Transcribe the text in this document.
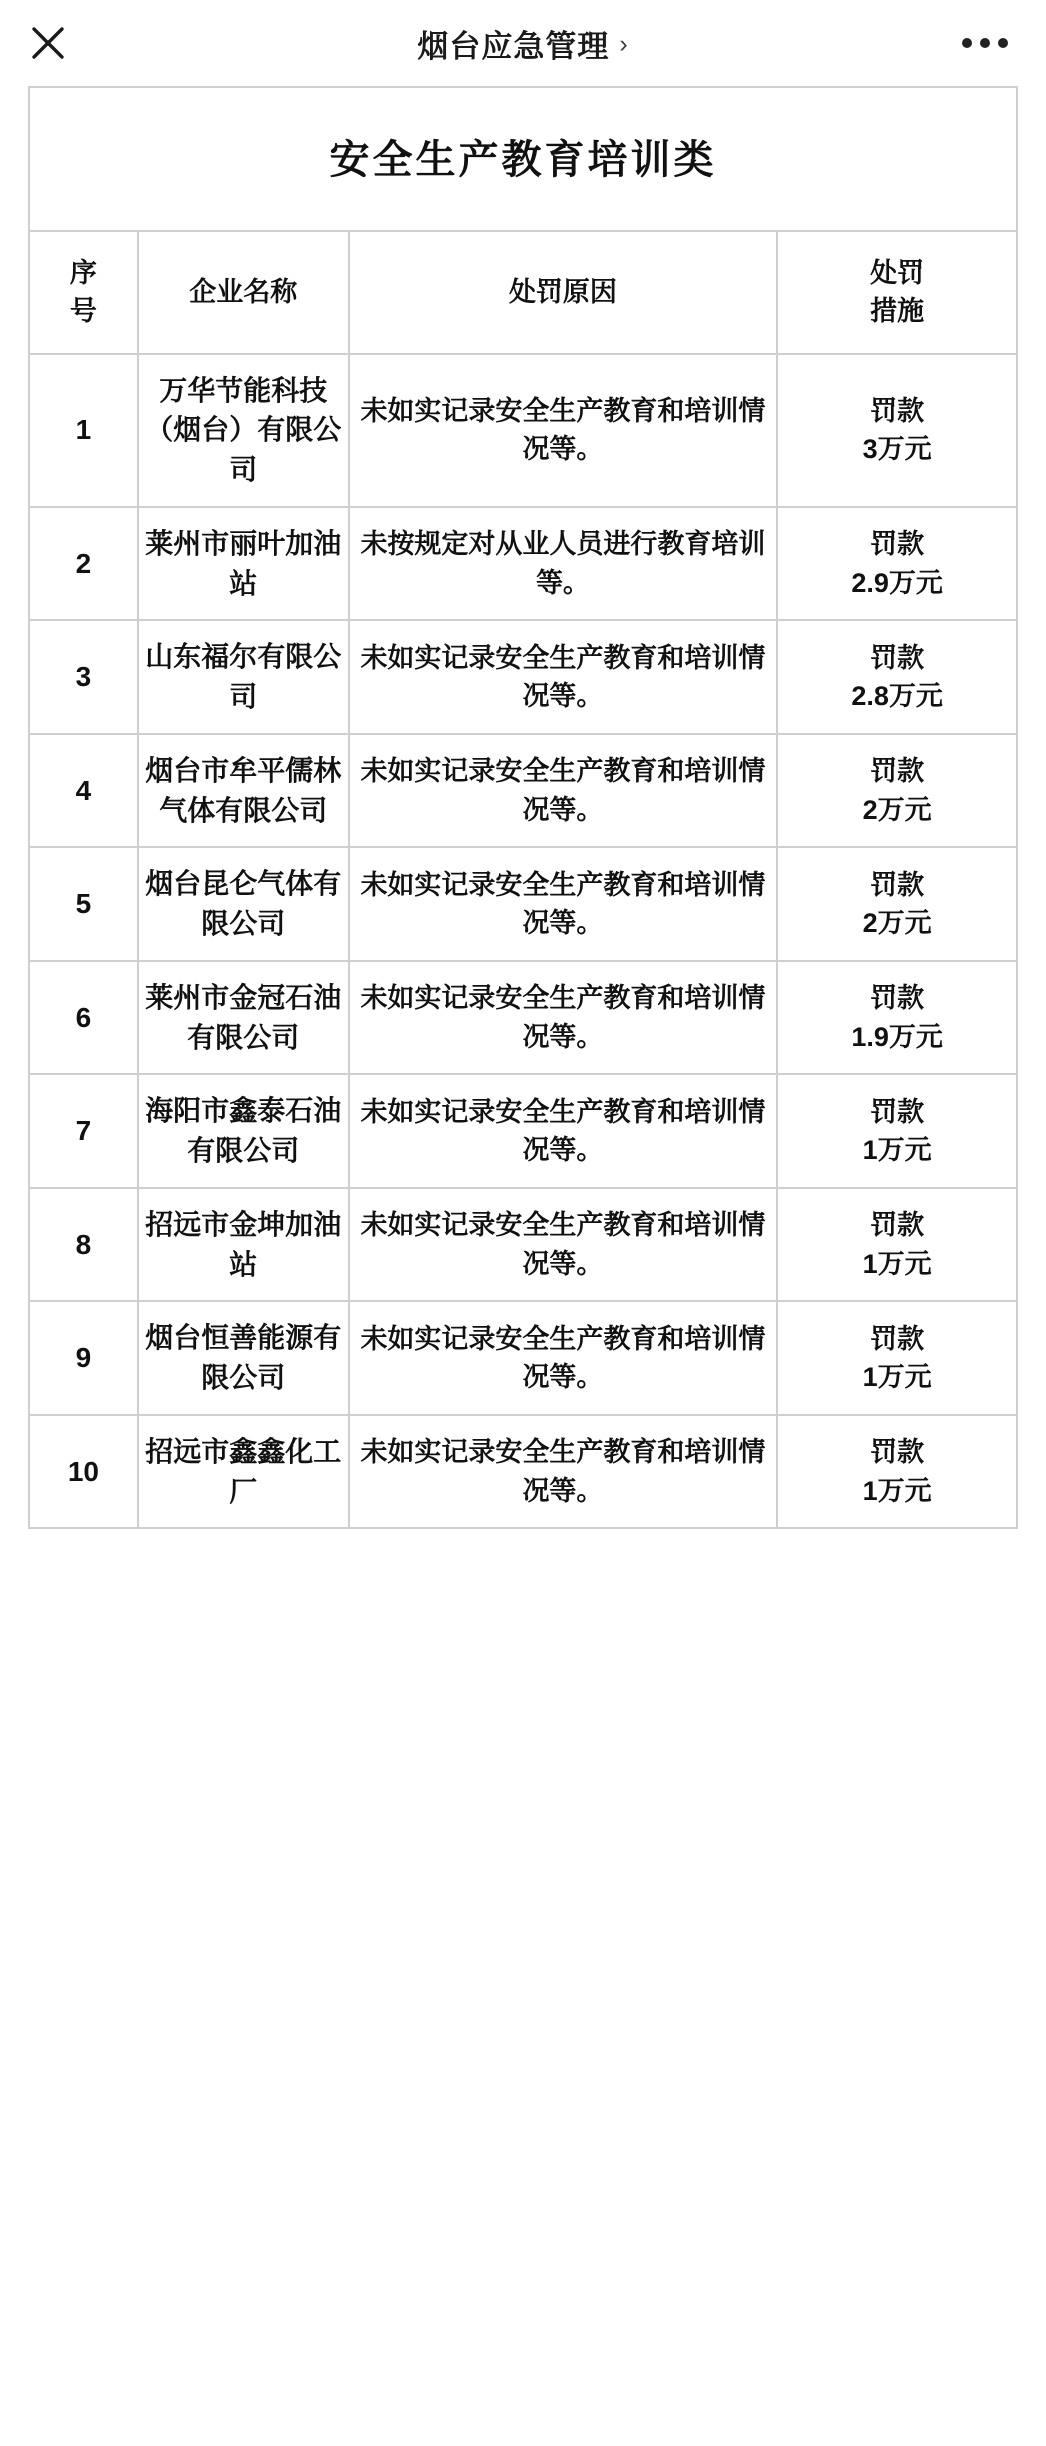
烟台应急管理 ›
安全生产教育培训类
序
号	企业名称	处罚原因	处罚
措施

1	万华节能科技（烟台）有限公司	未如实记录安全生产教育和培训情况等。	罚款
3万元

2	莱州市丽叶加油站	未按规定对从业人员进行教育培训等。	罚款
2.9万元

3	山东福尔有限公司	未如实记录安全生产教育和培训情况等。	罚款
2.8万元

4	烟台市牟平儒林气体有限公司	未如实记录安全生产教育和培训情况等。	罚款
2万元

5	烟台昆仑气体有限公司	未如实记录安全生产教育和培训情况等。	罚款
2万元

6	莱州市金冠石油有限公司	未如实记录安全生产教育和培训情况等。	罚款
1.9万元

7	海阳市鑫泰石油有限公司	未如实记录安全生产教育和培训情况等。	罚款
1万元

8	招远市金坤加油站	未如实记录安全生产教育和培训情况等。	罚款
1万元

9	烟台恒善能源有限公司	未如实记录安全生产教育和培训情况等。	罚款
1万元

10	招远市鑫鑫化工厂	未如实记录安全生产教育和培训情况等。	罚款
1万元
